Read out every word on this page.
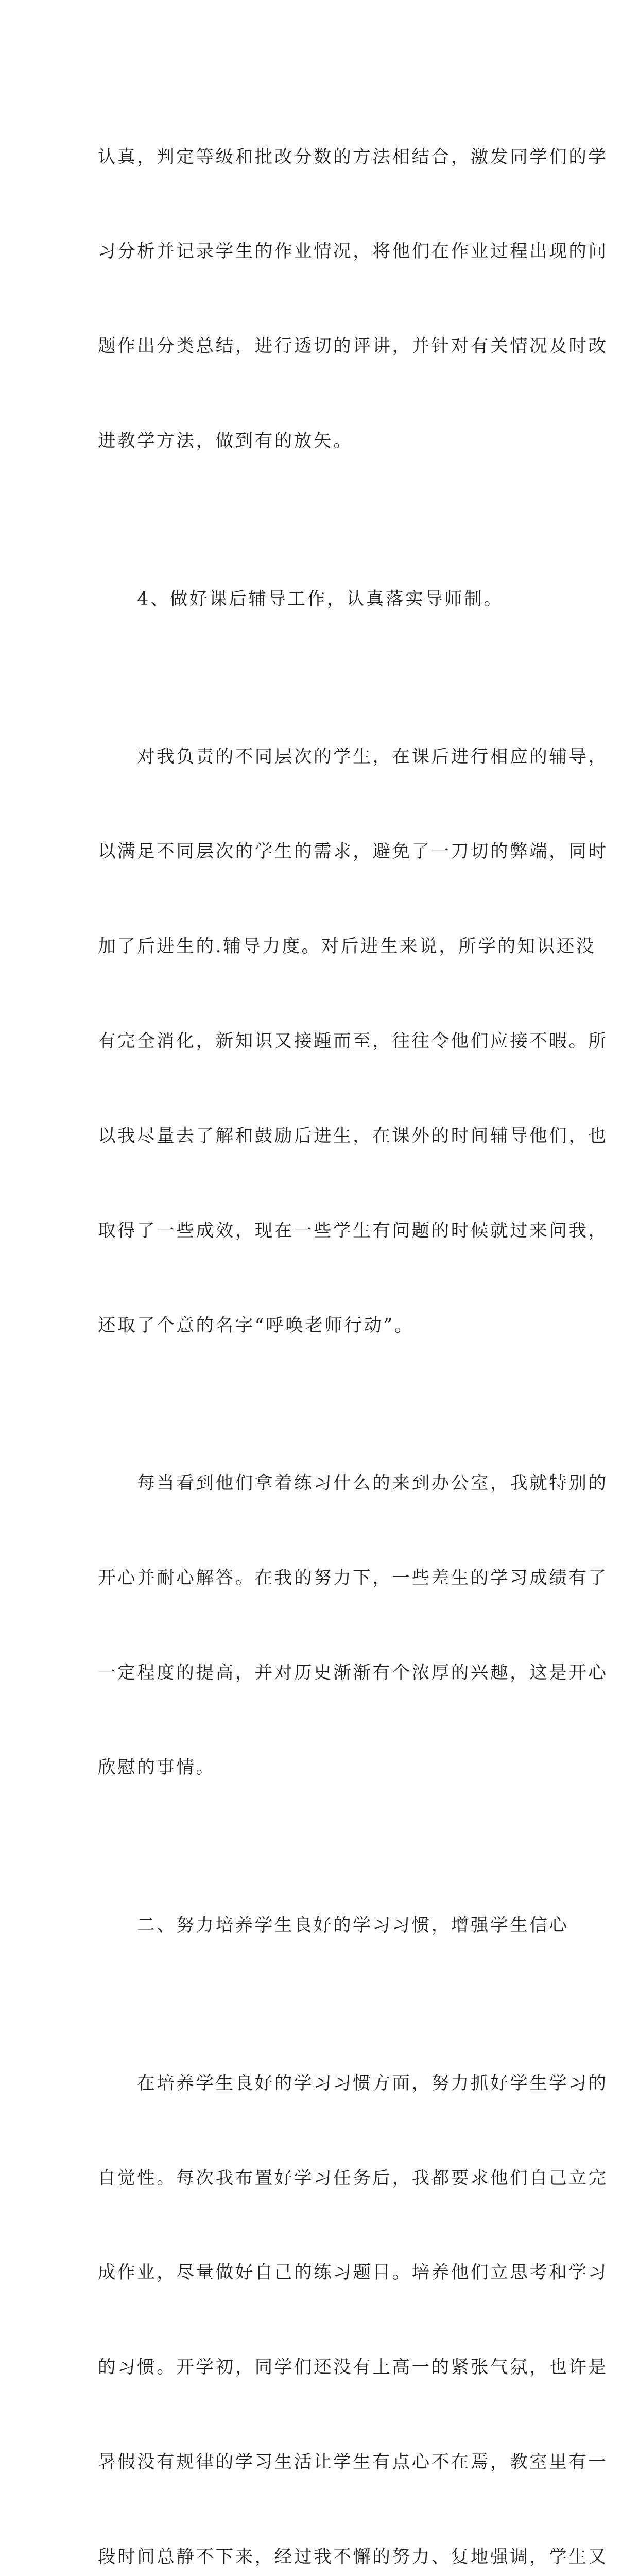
认真，判定等级和批改分数的方法相结合，激发同学们的学

习分析并记录学生的作业情况，将他们在作业过程出现的问

题作出分类总结，进行透切的评讲，并针对有关情况及时改

进教学方法，做到有的放矢。

　　4、做好课后辅导工作，认真落实导师制。

　　对我负责的不同层次的学生，在课后进行相应的辅导，

以满足不同层次的学生的需求，避免了一刀切的弊端，同时

加了后进生的.辅导力度。对后进生来说，所学的知识还没

有完全消化，新知识又接踵而至，往往令他们应接不暇。所

以我尽量去了解和鼓励后进生，在课外的时间辅导他们，也

取得了一些成效，现在一些学生有问题的时候就过来问我，

还取了个意的名字“呼唤老师行动”。

　　每当看到他们拿着练习什么的来到办公室，我就特别的

开心并耐心解答。在我的努力下，一些差生的学习成绩有了

一定程度的提高，并对历史渐渐有个浓厚的兴趣，这是开心

欣慰的事情。

　　二、努力培养学生良好的学习习惯，增强学生信心

　　在培养学生良好的学习习惯方面，努力抓好学生学习的

自觉性。每次我布置好学习任务后，我都要求他们自己立完

成作业，尽量做好自己的练习题目。培养他们立思考和学习

的习惯。开学初，同学们还没有上高一的紧张气氛，也许是

暑假没有规律的学习生活让学生有点心不在焉，教室里有一

段时间总静不下来，经过我不懈的努力、复地强调，学生又
